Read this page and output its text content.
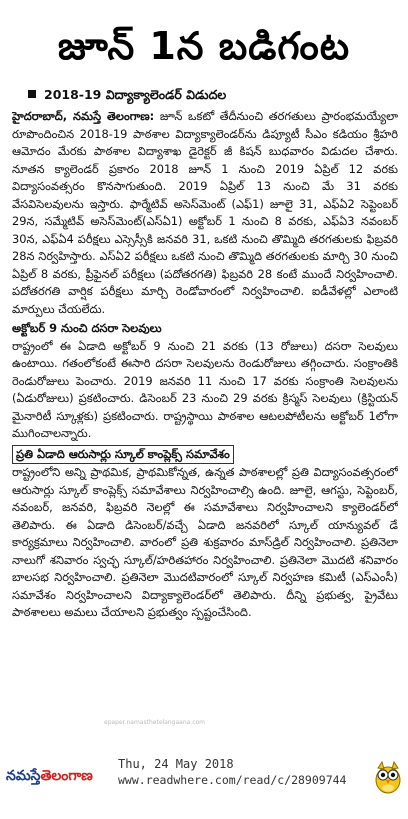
జూన్ 1న బడిగంట
2018-19 విద్యాక్యాలెండర్ విడుదల

హైదరాబాద్, నమస్తే తెలంగాణ: జూన్ ఒకటో తేదీనుంచి తరగతులు ప్రారంభమయ్యేలా రూపొందించిన 2018-19 పాఠశాల విద్యాక్యాలెండర్‌ను డిప్యూటీ సీఎం కడియం శ్రీహరి ఆమోదం మేరకు పాఠశాల విద్యాశాఖ డైరెక్టర్ జీ కిషన్ బుధవారం విడుదల చేశారు. నూతన క్యాలెండర్ ప్రకారం 2018 జూన్ 1 నుంచి 2019 ఏప్రిల్ 12 వరకు విద్యాసంవత్సరం కొనసాగుతుంది. 2019 ఏప్రిల్ 13 నుంచి మే 31 వరకు వేసవిసెలవులను ఇస్తారు. ఫార్మేటివ్ అసెస్‌మెంట్ (ఎఫ్1) జూలై 31, ఎఫ్‌ఏ2 సెప్టెంబర్ 29న, సమ్మేటివ్ అసెస్‌మెంట్(ఎస్‌ఏ1) అక్టోబర్ 1 నుంచి 8 వరకు, ఎఫ్‌ఏ3 నవంబర్ 30న, ఎఫ్‌ఏ4 పరీక్షలు ఎస్సెస్సీకి జనవరి 31, ఒకటి నుంచి తొమ్మిది తరగతులకు ఫిబ్రవరి 28న నిర్వహిస్తారు. ఎస్‌ఏ2 పరీక్షలు ఒకటి నుంచి తొమ్మిది తరగతులకు మార్చి 30 నుంచి ఏప్రిల్ 8 వరకు, ప్రీఫైనల్ పరీక్షలు (పదోతరగతి) ఫిబ్రవరి 28 కంటే ముందే నిర్వహించాలి. పదోతరగతి వార్షిక పరీక్షలు మార్చి రెండోవారంలో నిర్వహించాలి. ఐడీవేళల్లో ఎలాంటి మార్పులు చేయలేదు.

అక్టోబర్ 9 నుంచి దసరా సెలవులు

రాష్ట్రంలో ఈ ఏడాది అక్టోబర్ 9 నుంచి 21 వరకు (13 రోజులు) దసరా సెలవులు ఉంటాయి. గతంలోకంటే ఈసారి దసరా సెలవులను రెండురోజులు తగ్గించారు. సంక్రాంతికి రెండురోజులు పెంచారు. 2019 జనవరి 11 నుంచి 17 వరకు సంక్రాంతి సెలవులను (ఏడురోజులు) ప్రకటించారు. డిసెంబర్ 23 నుంచి 29 వరకు క్రిస్మస్ సెలవులు (క్రిస్టియన్ మైనారిటీ స్కూళ్లకు) ప్రకటించారు. రాష్ట్రస్థాయి పాఠశాల ఆటలపోటీలను అక్టోబర్ 1లోగా ముగించాలన్నారు.

ప్రతి ఏడాది ఆరుసార్లు స్కూల్ కాంప్లెక్స్ సమావేశం

రాష్ట్రంలోని అన్ని ప్రాథమిక, ప్రాథమికోన్నత, ఉన్నత పాఠశాలల్లో ప్రతి విద్యాసంవత్సరంలో ఆరుసార్లు స్కూల్ కాంప్లెక్స్ సమావేశాలు నిర్వహించాల్సి ఉంది. జూలై, ఆగస్టు, సెప్టెంబర్, నవంబర్, జనవరి, ఫిబ్రవరి నెలల్లో ఈ సమావేశాలు నిర్వహించాలని క్యాలెండర్‌లో తెలిపారు. ఈ ఏడాది డిసెంబర్/వచ్చే ఏడాది జనవరిలో స్కూల్ యాన్యువల్ డే కార్యక్రమాలు నిర్వహించాలి. వారంలో ప్రతి శుక్రవారం మాస్‌డ్రిల్ నిర్వహించాలి. ప్రతినెలా నాలుగో శనివారం స్వచ్ఛ స్కూల్/హరితహారం నిర్వహించాలి. ప్రతినెలా మొదటి శనివారం బాలసభ నిర్వహించాలి. ప్రతినెలా మొదటివారంలో స్కూల్ నిర్వహణ కమిటీ (ఎస్‌ఎంసీ) సమావేశం నిర్వహించాలని విద్యాక్యాలెండర్‌లో తెలిపారు. దీన్ని ప్రభుత్వ, ప్రైవేటు పాఠశాలలు అమలు చేయాలని ప్రభుత్వం స్పష్టంచేసింది.

epaper.namasthetelangaana.com
నమస్తేతెలంగాణ
Thu, 24 May 2018
www.readwhere.com/read/c/28909744
